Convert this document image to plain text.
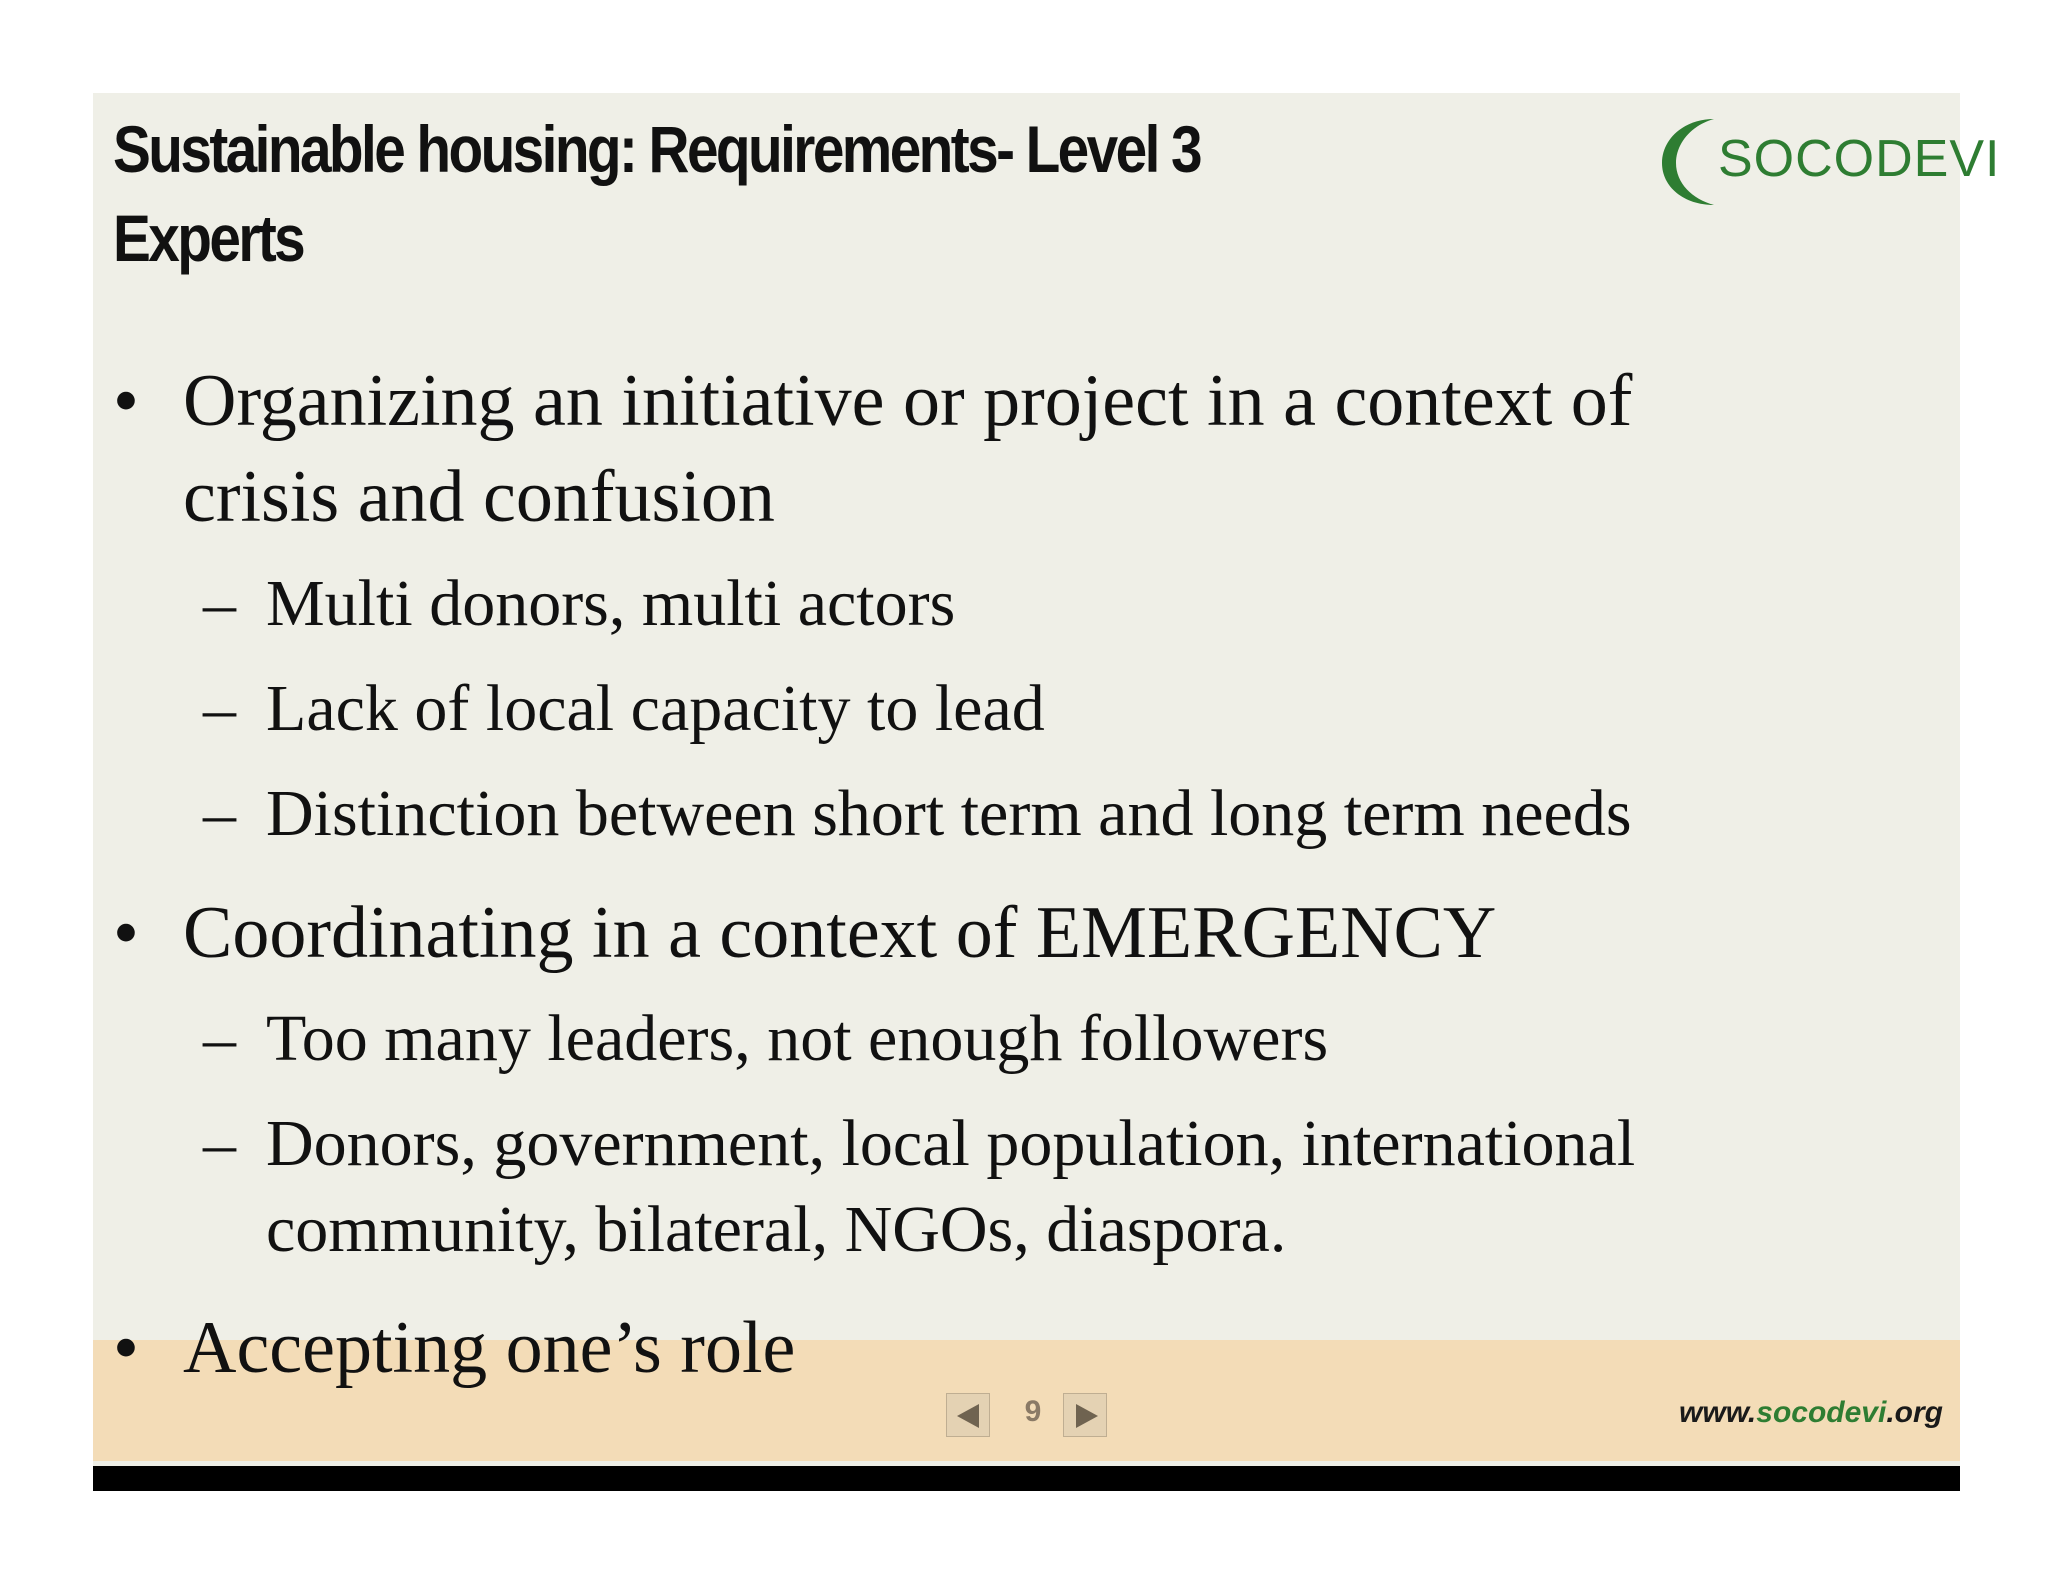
Sustainable housing: Requirements- Level 3
Experts
SOCODEVI
• Organizing an initiative or project in a context of
crisis and confusion
– Multi donors, multi actors
– Lack of local capacity to lead
– Distinction between short term and long term needs
• Coordinating in a context of EMERGENCY
– Too many leaders, not enough followers
– Donors, government, local population, international
community, bilateral, NGOs, diaspora.
• Accepting one’s role
9	www.socodevi.org
